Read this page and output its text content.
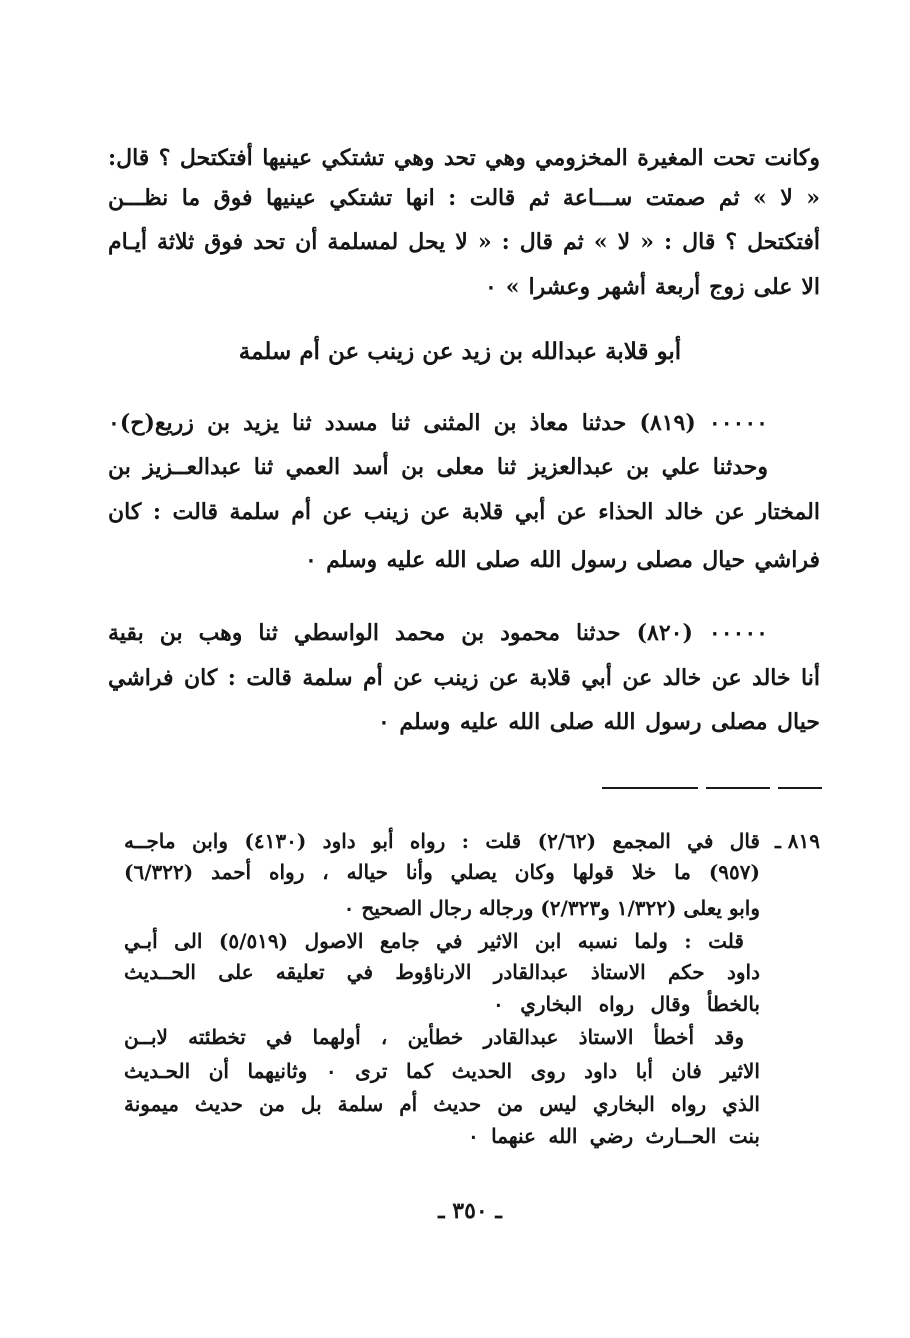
وكانت تحت المغيرة المخزومي وهي تحد وهي تشتكي عينيها أفتكتحل ؟ قال:
« لا » ثم صمتت ســـاعة ثم قالت : انها تشتكي عينيها فوق ما نظـــن
أفتكتحل ؟ قال : « لا » ثم قال : « لا يحل لمسلمة أن تحد فوق ثلاثة أيـام
الا على زوج أربعة أشهر وعشرا » ٠
أبو قلابة عبدالله بن زيد عن زينب عن أم سلمة
٠٠٠٠٠ (٨١٩) حدثنا معاذ بن المثنى ثنا مسدد ثنا يزيد بن زريع(ح)٠
وحدثنا علي بن عبدالعزيز ثنا معلى بن أسد العمي ثنا عبدالعــزيز بن
المختار عن خالد الحذاء عن أبي قلابة عن زينب عن أم سلمة قالت : كان
فراشي حيال مصلى رسول الله صلى الله عليه وسلم ٠
٠٠٠٠٠ (٨٢٠) حدثنا محمود بن محمد الواسطي ثنا وهب بن بقية
أنا خالد عن خالد عن أبي قلابة عن زينب عن أم سلمة قالت : كان فراشي
حيال مصلى رسول الله صلى الله عليه وسلم ٠
٨١٩ ـ
قال في المجمع (٢/٦٢) قلت : رواه أبو داود (٤١٣٠) وابن ماجــه
(٩٥٧) ما خلا قولها وكان يصلي وأنا حياله ، رواه أحمد (٦/٣٢٢)
وابو يعلى (١/٣٢٢ و٢/٣٢٣) ورجاله رجال الصحيح ٠
قلت : ولما نسبه ابن الاثير في جامع الاصول (٥/٥١٩) الى أبـي
داود حكم الاستاذ عبدالقادر الارناؤوط في تعليقه على الحــديث
بالخطأ وقال رواه البخاري ٠
وقد أخطأ الاستاذ عبدالقادر خطأين ، أولهما في تخطئته لابــن
الاثير فان أبا داود روى الحديث كما ترى ٠ وثانيهما أن الحـديث
الذي رواه البخاري ليس من حديث أم سلمة بل من حديث ميمونة
بنت الحــارث رضي الله عنهما ٠
ـ ٣٥٠ ـ
